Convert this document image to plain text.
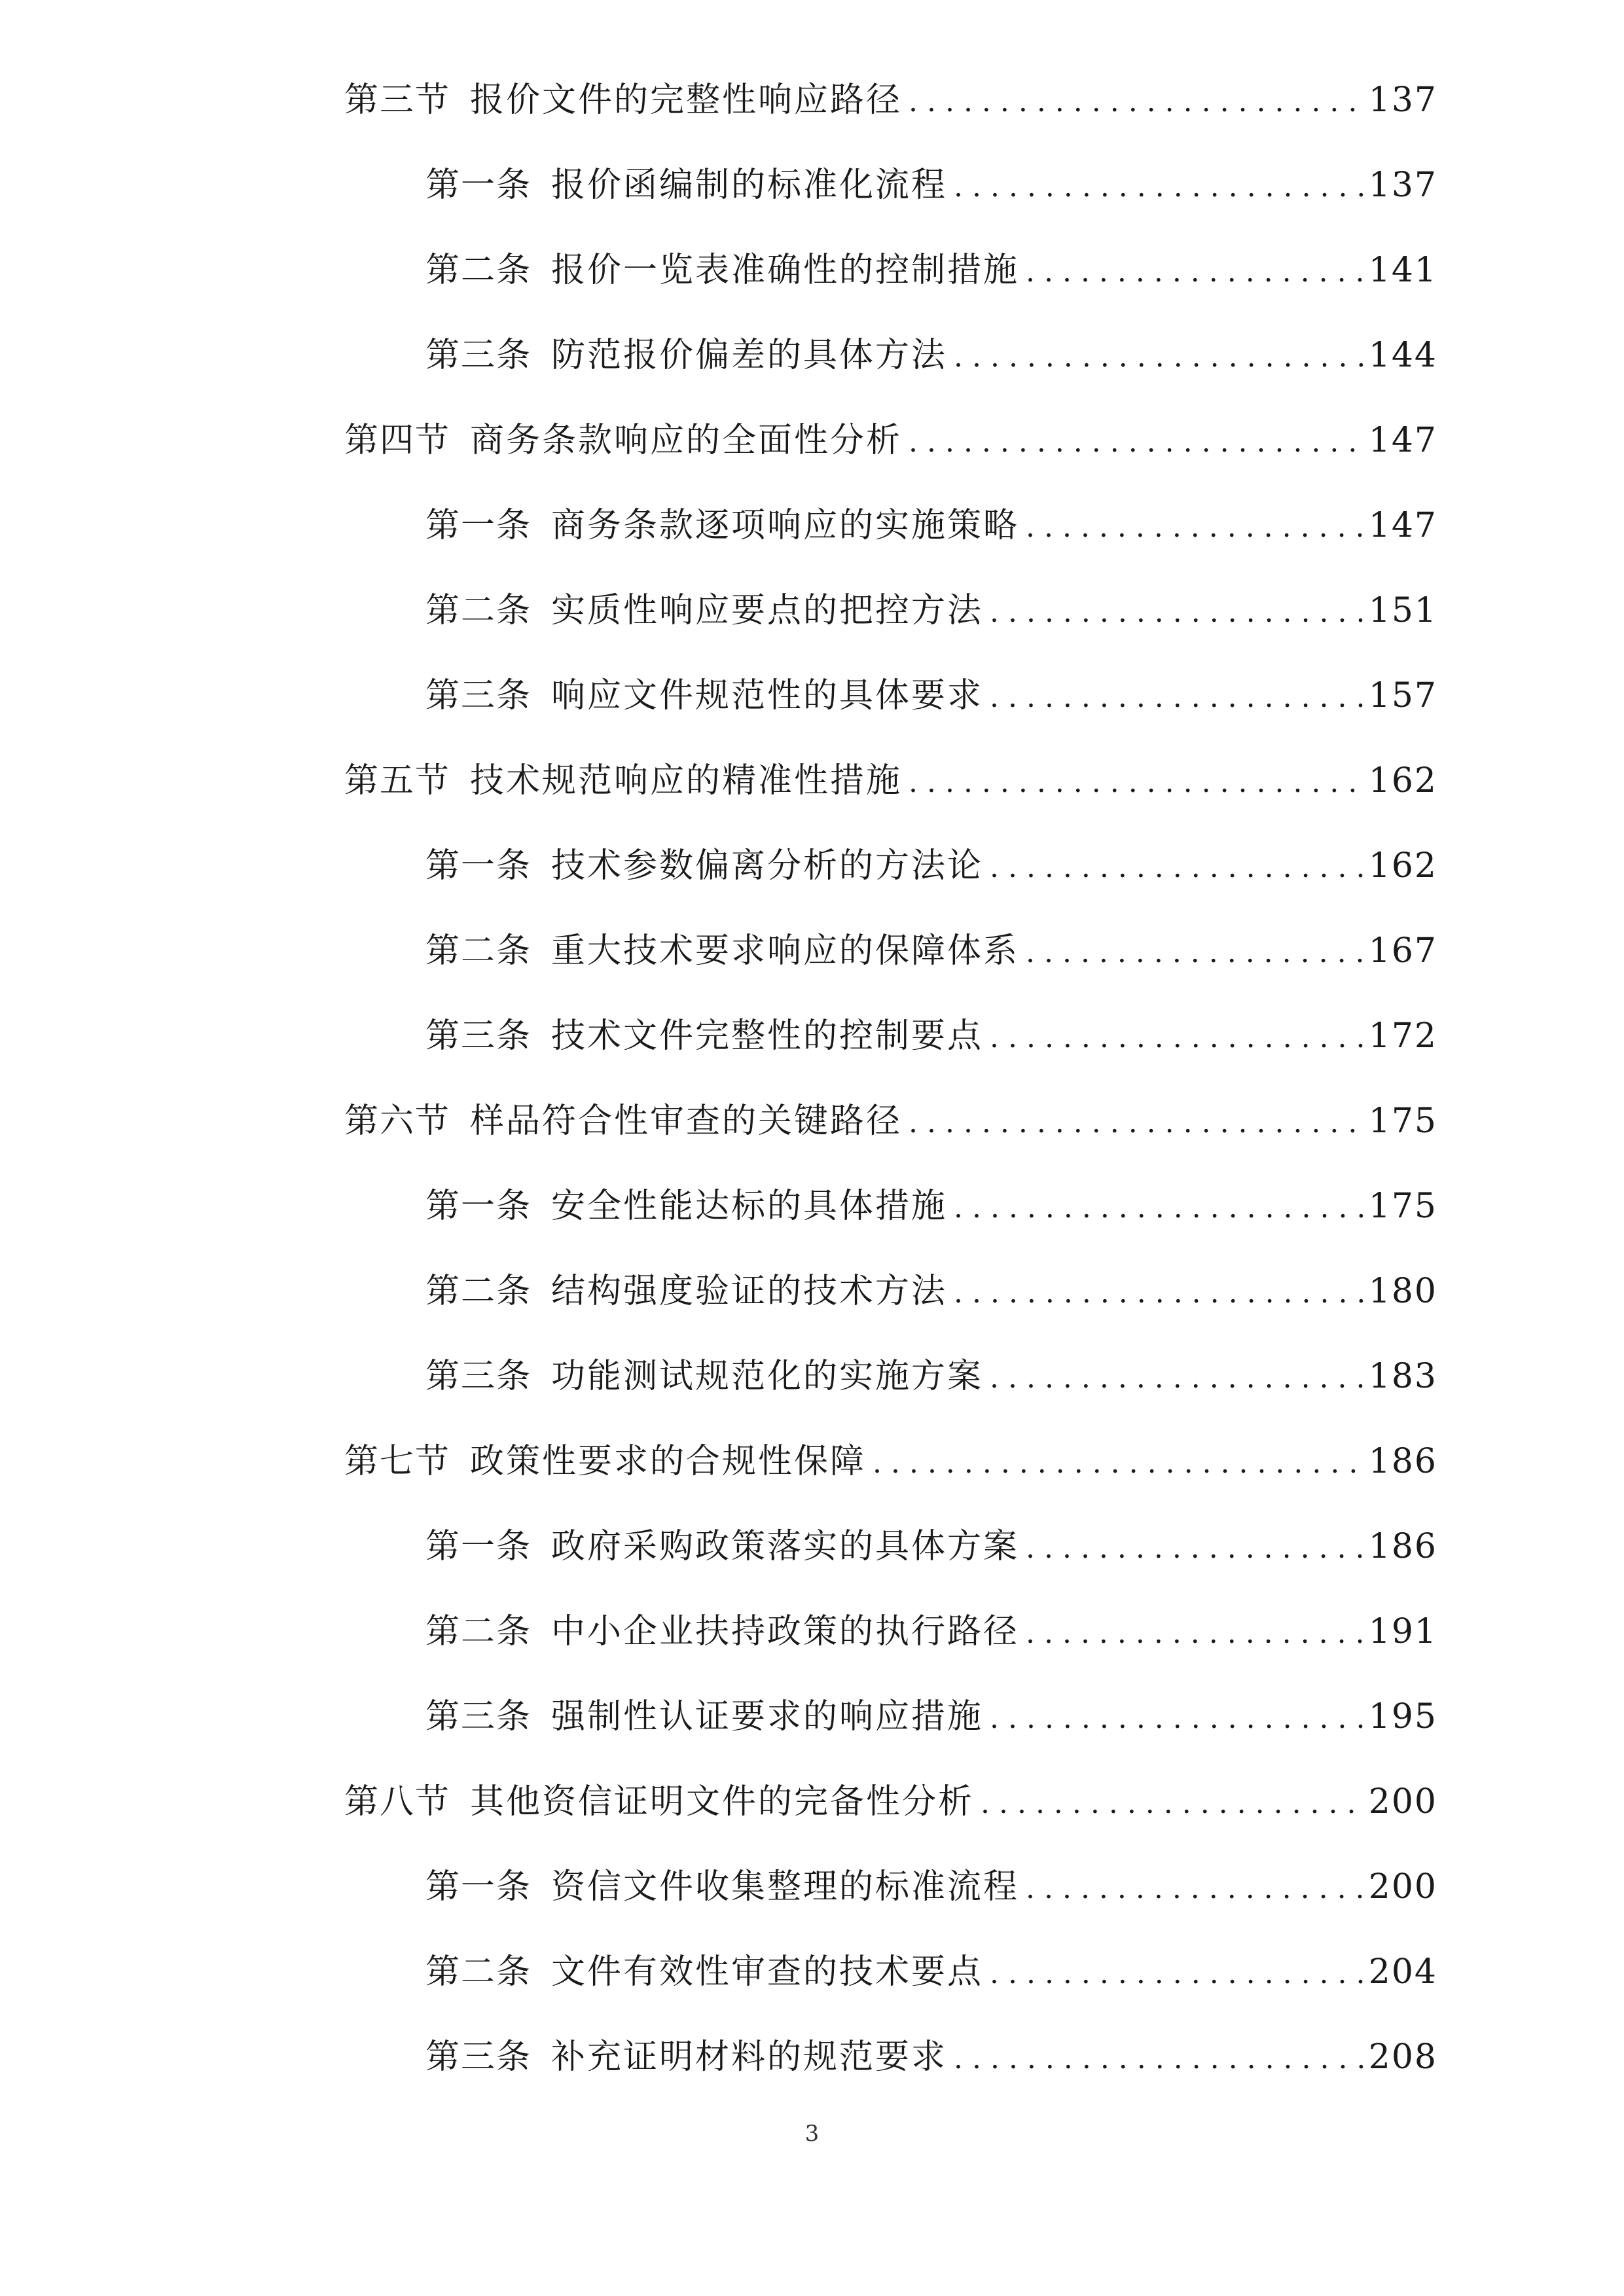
第三节 报价文件的完整性响应路径 . . .	137
第一条 报价函编制的标准化流程 . . .	137
第二条 报价一览表准确性的控制措施 . . .	141
第三条 防范报价偏差的具体方法 . . .	144
第四节 商务条款响应的全面性分析 . . .	147
第一条 商务条款逐项响应的实施策略 . . .	147
第二条 实质性响应要点的把控方法 . . .	151
第三条 响应文件规范性的具体要求 . . .	157
第五节 技术规范响应的精准性措施 . . .	162
第一条 技术参数偏离分析的方法论 . . .	162
第二条 重大技术要求响应的保障体系 . . .	167
第三条 技术文件完整性的控制要点 . . .	172
第六节 样品符合性审查的关键路径 . . .	175
第一条 安全性能达标的具体措施 . . .	175
第二条 结构强度验证的技术方法 . . .	180
第三条 功能测试规范化的实施方案 . . .	183
第七节 政策性要求的合规性保障 . . .	186
第一条 政府采购政策落实的具体方案 . . .	186
第二条 中小企业扶持政策的执行路径 . . .	191
第三条 强制性认证要求的响应措施 . . .	195
第八节 其他资信证明文件的完备性分析 . . .	200
第一条 资信文件收集整理的标准流程 . . .	200
第二条 文件有效性审查的技术要点 . . .	204
第三条 补充证明材料的规范要求 . . .	208
3
